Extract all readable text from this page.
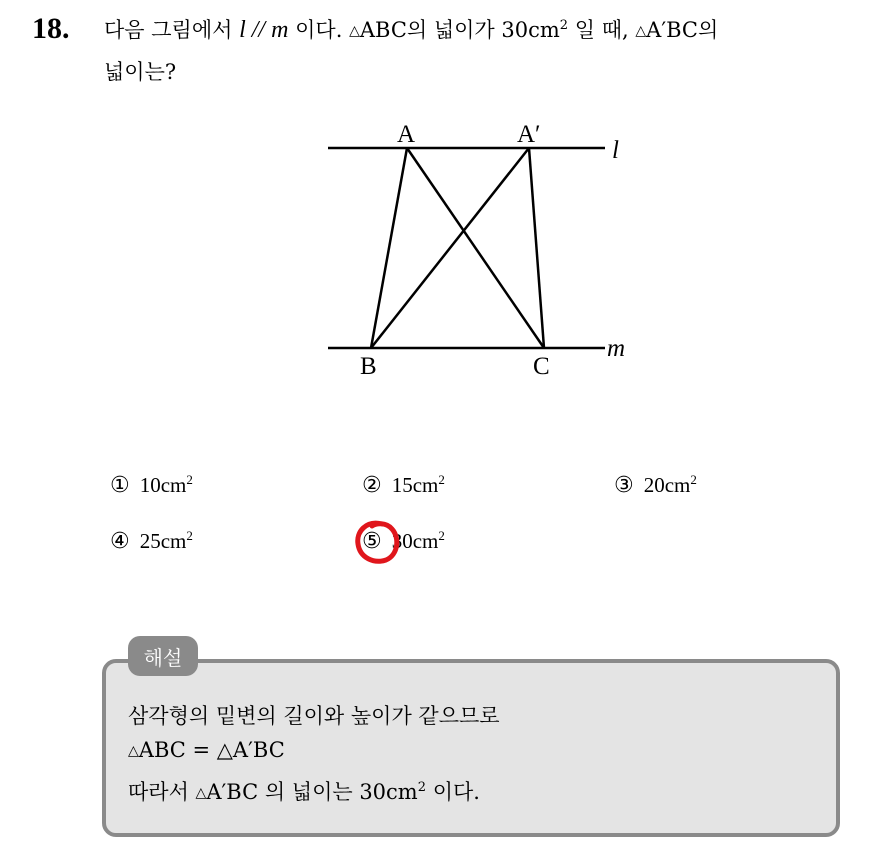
18. 다음 그림에서 l // m 이다. △ABC의 넓이가 $30cm^2$ 일 때, △A′BC의
넓이는?
A	A′
B	C
l
m
① $10cm^2$	② $15cm^2$	③ $20cm^2$
④ $25cm^2$	⑤ $30cm^2$
해설
삼각형의 밑변의 길이와 높이가 같으므로
△ABC = △A′BC
따라서 △A′BC 의 넓이는 $30cm^2$ 이다.
